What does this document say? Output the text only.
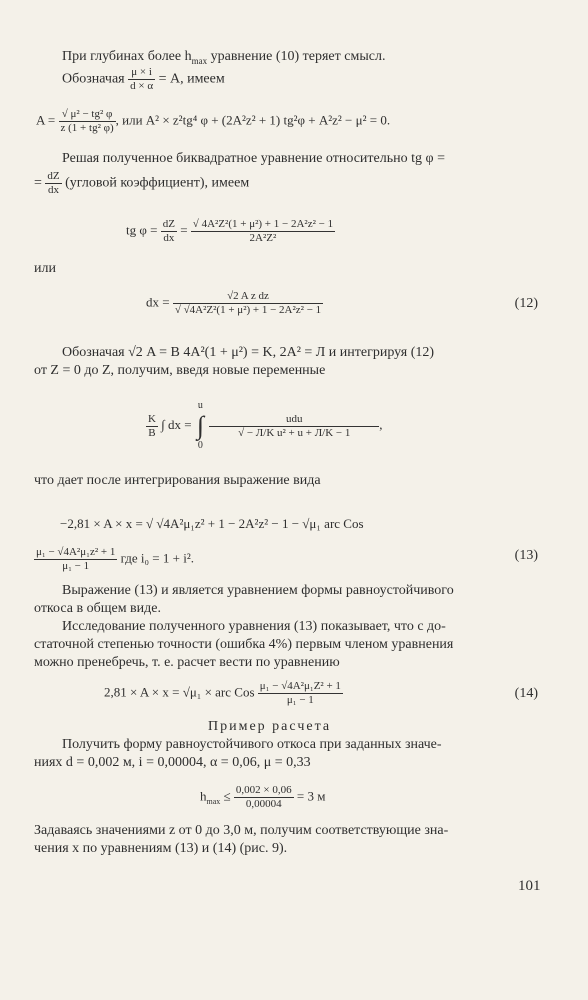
При глубинах более $h_{max}$ уравнение (10) теряет смысл.
Обозначая $\frac{\mu \times i}{d \times \alpha} = A$, имеем
$A = \frac{\text{√ μ² − tg² φ}}{\text{z (1 + tg² φ)}}$ , или A² × z²tg⁴ φ + (2A²z² + 1) tg²φ + A²z² − μ² = 0.
Решая полученное биквадратное уравнение относительно tg φ =
= $\frac{dZ}{dx}$ (угловой коэффициент), имеем
tg $\varphi = \frac{dZ}{dx} = \frac{\text{√ 4A²Z²(1 + μ²) + 1 − 2A²z² − 1}}{\text{2A²Z²}}$
или
dx = $\frac{\text{√2 A z dz}}{\text{√ √4A²Z²(1 + μ²) + 1 − 2A²z² − 1}}$	(12)
Обозначая √2 A = B 4A²(1 + μ²) = K, 2A² = Л и интегрируя (12)
от Z = 0 до Z, получим, введя новые переменные
$\frac{K}{B}$ ∫ dx =
u
∫
0

$\frac{\text{udu}}{\text{√ − Л/K u² + u + Л/K − 1}}$ ,
что дает после интегрирования выражение вида
−2,81 × A × x = √ √4A²μ₁z² + 1 − 2A²z² − 1 − √μ₁ arc Cos
$\frac{\text{μ₁ − √4A²μ₁z² + 1}}{\text{μ₁ − 1}}$ где i₀ = 1 + i².	(13)
Выражение (13) и является уравнением формы равноустойчивого
откоса в общем виде.
Исследование полученного уравнения (13) показывает, что с до-
статочной степенью точности (ошибка 4%) первым членом уравнения
можно пренебречь, т. е. расчет вести по уравнению
2,81 × A × x = √μ₁ × arc Cos $\frac{\text{μ₁ − √4A²μ₁Z² + 1}}{\text{μ₁ − 1}}$	(14)
Пример расчета
Получить форму равноустойчивого откоса при заданных значе-
ниях d = 0,002 м, i = 0,00004, α = 0,06, μ = 0,33
$h_{max} \le \frac{0,002 \times 0,06}{0,00004} = 3$ м
Задаваясь значениями z от 0 до 3,0 м, получим соответствующие зна-
чения x по уравнениям (13) и (14) (рис. 9).
101
